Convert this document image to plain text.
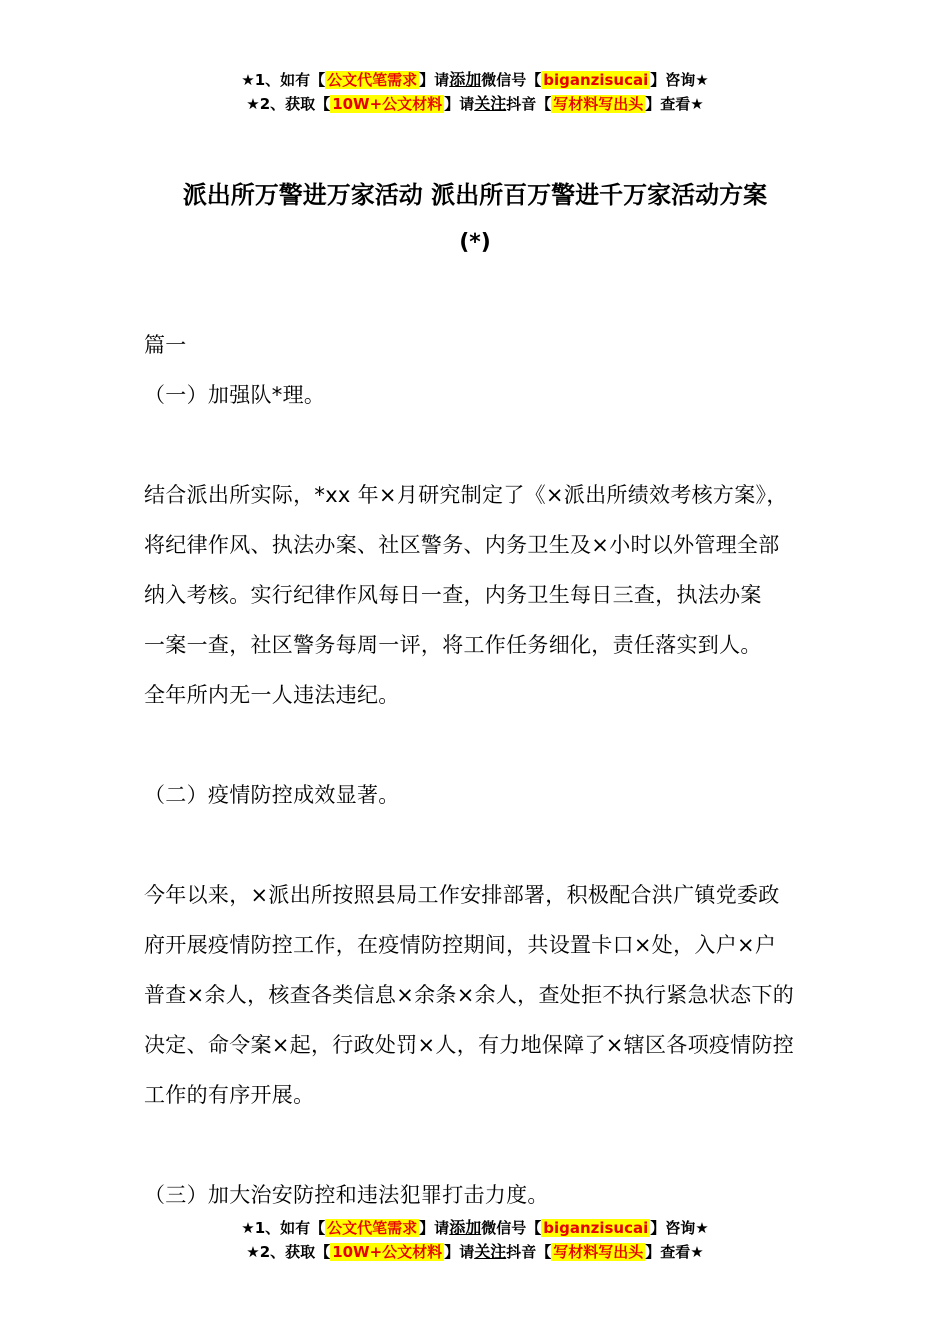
★1、如有【 公文代笔需求 】请添加微信号【 biganzisucai 】咨询★
★2、获取【 10W+公文材料 】请关注抖音【 写材料写出头 】查看★
派出所万警进万家活动 派出所百万警进千万家活动方案
(*)
篇一
（一）加强队*理。
结合派出所实际，*xx 年×月研究制定了《×派出所绩效考核方案》，
将纪律作风、执法办案、社区警务、内务卫生及×小时以外管理全部
纳入考核。实行纪律作风每日一查，内务卫生每日三查，执法办案
一案一查，社区警务每周一评，将工作任务细化，责任落实到人。
全年所内无一人违法违纪。
（二）疫情防控成效显著。
今年以来，×派出所按照县局工作安排部署，积极配合洪广镇党委政
府开展疫情防控工作，在疫情防控期间，共设置卡口×处，入户×户
普查×余人，核查各类信息×余条×余人，查处拒不执行紧急状态下的
决定、命令案×起，行政处罚×人，有力地保障了×辖区各项疫情防控
工作的有序开展。
（三）加大治安防控和违法犯罪打击力度。
★1、如有【 公文代笔需求 】请添加微信号【 biganzisucai 】咨询★
★2、获取【 10W+公文材料 】请关注抖音【 写材料写出头 】查看★
